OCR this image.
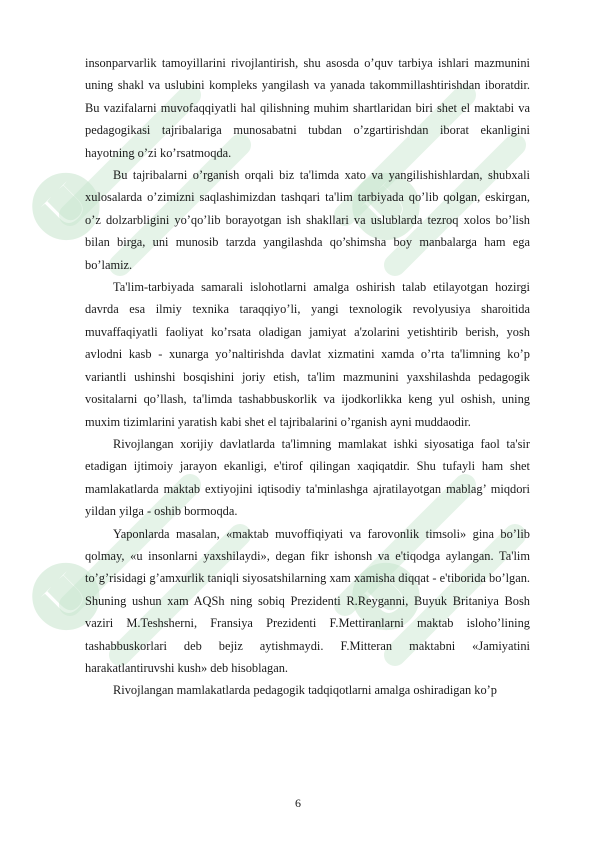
🅤	🅤
🅤	🅤

insonparvarlik tamoyillarini rivojlantirish, shu asosda o’quv tarbiya ishlari mazmunini uning shakl va uslubini kompleks yangilash va yanada takommillashtirishdan iboratdir. Bu vazifalarni muvofaqqiyatli hal qilishning muhim shartlaridan biri shet el maktabi va pedagogikasi tajribalariga munosabatni tubdan o’zgartirishdan iborat ekanligini hayotning o’zi ko’rsatmoqda.

Bu tajribalarni o’rganish orqali biz ta'limda xato va yangilishishlardan, shubxali xulosalarda o’zimizni saqlashimizdan tashqari ta'lim tarbiyada qo’lib qolgan, eskirgan, o’z dolzarbligini yo’qo’lib borayotgan ish shakllari va uslublarda tezroq xolos bo’lish bilan birga, uni munosib tarzda yangilashda qo’shimsha boy manbalarga ham ega bo’lamiz.

Ta'lim-tarbiyada samarali islohotlarni amalga oshirish talab etilayotgan hozirgi davrda esa ilmiy texnika taraqqiyo’li, yangi texnologik revolyusiya sharoitida muvaffaqiyatli faoliyat ko’rsata oladigan jamiyat a'zolarini yetishtirib berish, yosh avlodni kasb - xunarga yo’naltirishda davlat xizmatini xamda o’rta ta'limning ko’p variantli ushinshi bosqishini joriy etish, ta'lim mazmunini yaxshilashda pedagogik vositalarni qo’llash, ta'limda tashabbuskorlik va ijodkorlikka keng yul oshish, uning muxim tizimlarini yaratish kabi shet el tajribalarini o’rganish ayni muddaodir.

Rivojlangan xorijiy davlatlarda ta'limning mamlakat ishki siyosatiga faol ta'sir etadigan ijtimoiy jarayon ekanligi, e'tirof qilingan xaqiqatdir. Shu tufayli ham shet mamlakatlarda maktab extiyojini iqtisodiy ta'minlashga ajratilayotgan mablag’ miqdori yildan yilga - oshib bormoqda.

Yaponlarda masalan, «maktab muvoffiqiyati va farovonlik timsoli» gina bo’lib qolmay, «u insonlarni yaxshilaydi», degan fikr ishonsh va e'tiqodga aylangan. Ta'lim to’g’risidagi g’amxurlik taniqli siyosatshilarning xam xamisha diqqat - e'tiborida bo’lgan. Shuning ushun xam AQSh ning sobiq Prezidenti R.Reyganni, Buyuk Britaniya Bosh vaziri M.Teshsherni, Fransiya Prezidenti F.Mettiranlarni maktab isloho’lining tashabbuskorlari deb bejiz aytishmaydi. F.Mitteran maktabni «Jamiyatini harakatlantiruvshi kush» deb hisoblagan.

Rivojlangan mamlakatlarda pedagogik tadqiqotlarni amalga oshiradigan ko’p

6
